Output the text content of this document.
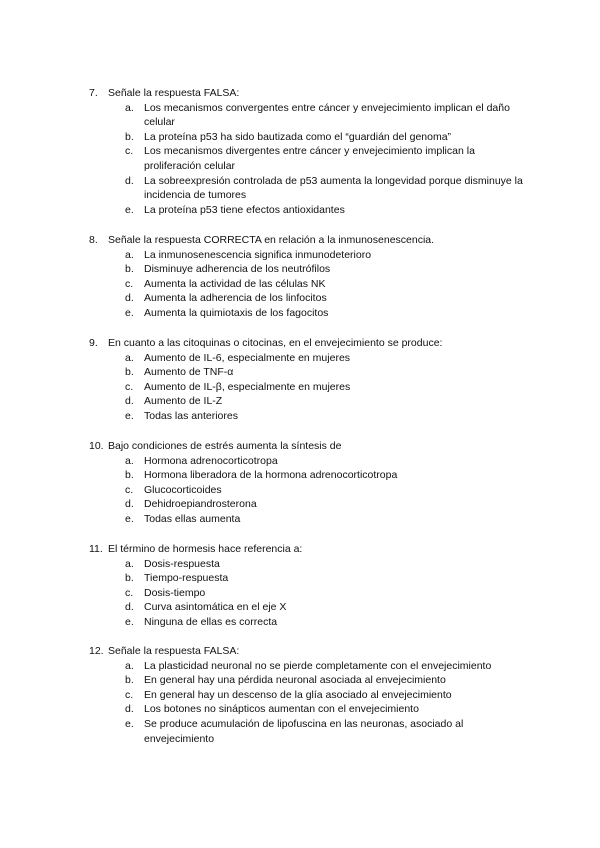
7. Señale la respuesta FALSA:
a. Los mecanismos convergentes entre cáncer y envejecimiento implican el daño celular
b. La proteína p53 ha sido bautizada como el “guardián del genoma”
c. Los mecanismos divergentes entre cáncer y envejecimiento implican la proliferación celular
d. La sobreexpresión controlada de p53 aumenta la longevidad porque disminuye la incidencia de tumores
e. La proteína p53 tiene efectos antioxidantes
8. Señale la respuesta CORRECTA en relación a la inmunosenescencia.
a. La inmunosenescencia significa inmunodeterioro
b. Disminuye adherencia de los neutrófilos
c. Aumenta la actividad de las células NK
d. Aumenta la adherencia de los linfocitos
e. Aumenta la quimiotaxis de los fagocitos
9. En cuanto a las citoquinas o citocinas, en el envejecimiento se produce:
a. Aumento de IL-6, especialmente en mujeres
b. Aumento de TNF-α
c. Aumento de IL-β, especialmente en mujeres
d. Aumento de IL-Z
e. Todas las anteriores
10. Bajo condiciones de estrés aumenta la síntesis de
a. Hormona adrenocorticotropa
b. Hormona liberadora de la hormona adrenocorticotropa
c. Glucocorticoides
d. Dehidroepiandrosterona
e. Todas ellas aumenta
11. El término de hormesis hace referencia a:
a. Dosis-respuesta
b. Tiempo-respuesta
c. Dosis-tiempo
d. Curva asintomática en el eje X
e. Ninguna de ellas es correcta
12. Señale la respuesta FALSA:
a. La plasticidad neuronal no se pierde completamente con el envejecimiento
b. En general hay una pérdida neuronal asociada al envejecimiento
c. En general hay un descenso de la glía asociado al envejecimiento
d. Los botones no sinápticos aumentan con el envejecimiento
e. Se produce acumulación de lipofuscina en las neuronas, asociado al envejecimiento
